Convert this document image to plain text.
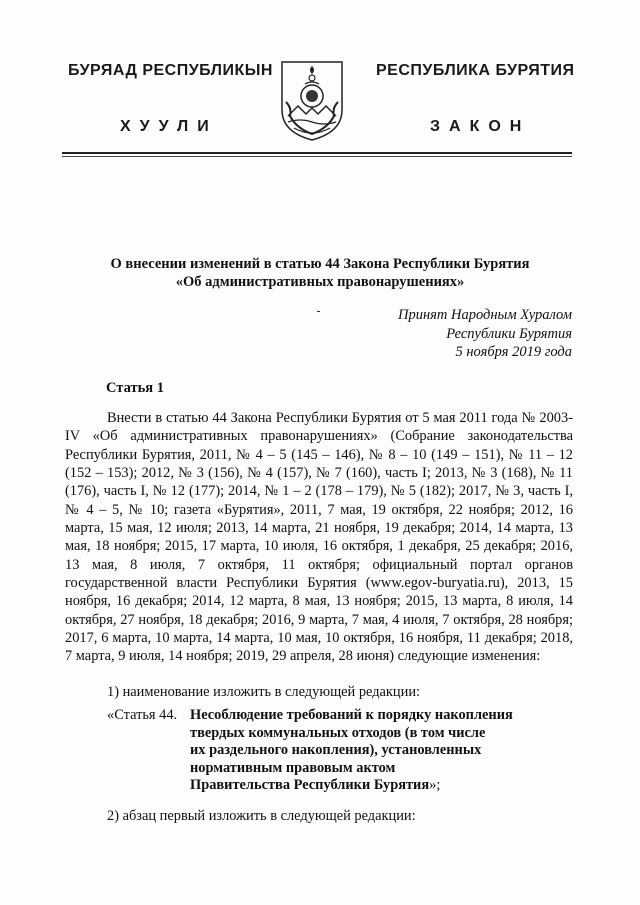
БУРЯАД РЕСПУБЛИКЫН	РЕСПУБЛИКА БУРЯТИЯ
ХУУЛИ	ЗАКОН
О внесении изменений в статью 44 Закона Республики Бурятия
«Об административных правонарушениях»
Принят Народным Хуралом
Республики Бурятия
5 ноября 2019 года
Статья 1
Внести в статью 44 Закона Республики Бурятия от 5 мая 2011 года № 2003-IV «Об административных правонарушениях» (Собрание законодательства Республики Бурятия, 2011, № 4 – 5 (145 – 146), № 8 – 10 (149 – 151), № 11 – 12 (152 – 153); 2012, № 3 (156), № 4 (157), № 7 (160), часть I; 2013, № 3 (168), № 11 (176), часть I, № 12 (177); 2014, № 1 – 2 (178 – 179), № 5 (182); 2017, № 3, часть I, № 4 – 5, № 10; газета «Бурятия», 2011, 7 мая, 19 октября, 22 ноября; 2012, 16 марта, 15 мая, 12 июля; 2013, 14 марта, 21 ноября, 19 декабря; 2014, 14 марта, 13 мая, 18 ноября; 2015, 17 марта, 10 июля, 16 октября, 1 декабря, 25 декабря; 2016, 13 мая, 8 июля, 7 октября, 11 октября; официальный портал органов государственной власти Республики Бурятия (www.egov-buryatia.ru), 2013, 15 ноября, 16 декабря; 2014, 12 марта, 8 мая, 13 ноября; 2015, 13 марта, 8 июля, 14 октября, 27 ноября, 18 декабря; 2016, 9 марта, 7 мая, 4 июля, 7 октября, 28 ноября; 2017, 6 марта, 10 марта, 14 марта, 10 мая, 10 октября, 16 ноября, 11 декабря; 2018, 7 марта, 9 июля, 14 ноября; 2019, 29 апреля, 28 июня) следующие изменения:
1) наименование изложить в следующей редакции:
«Статья 44. Несоблюдение требований к порядку накопления
твердых коммунальных отходов (в том числе
их раздельного накопления), установленных
нормативным правовым актом
Правительства Республики Бурятия»;
2) абзац первый изложить в следующей редакции:
